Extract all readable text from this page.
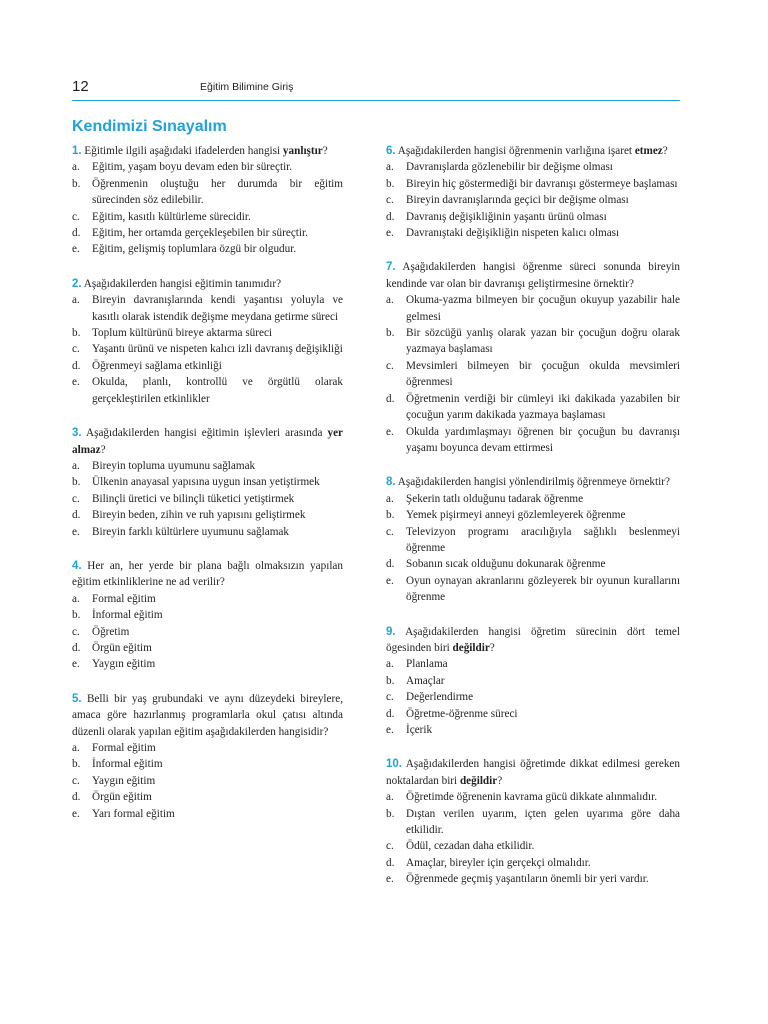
12	Eğitim Bilimine Giriş
Kendimizi Sınayalım
1. Eğitimle ilgili aşağıdaki ifadelerden hangisi yanlıştır?
a. Eğitim, yaşam boyu devam eden bir süreçtir.
b. Öğrenmenin oluştuğu her durumda bir eğitim sürecinden söz edilebilir.
c. Eğitim, kasıtlı kültürleme sürecidir.
d. Eğitim, her ortamda gerçekleşebilen bir süreçtir.
e. Eğitim, gelişmiş toplumlara özgü bir olgudur.
2. Aşağıdakilerden hangisi eğitimin tanımıdır?
a. Bireyin davranışlarında kendi yaşantısı yoluyla ve kasıtlı olarak istendik değişme meydana getirme süreci
b. Toplum kültürünü bireye aktarma süreci
c. Yaşantı ürünü ve nispeten kalıcı izli davranış değişikliği
d. Öğrenmeyi sağlama etkinliği
e. Okulda, planlı, kontrollü ve örgütlü olarak gerçekleştirilen etkinlikler
3. Aşağıdakilerden hangisi eğitimin işlevleri arasında yer almaz?
a. Bireyin topluma uyumunu sağlamak
b. Ülkenin anayasal yapısına uygun insan yetiştirmek
c. Bilinçli üretici ve bilinçli tüketici yetiştirmek
d. Bireyin beden, zihin ve ruh yapısını geliştirmek
e. Bireyin farklı kültürlere uyumunu sağlamak
4. Her an, her yerde bir plana bağlı olmaksızın yapılan eğitim etkinliklerine ne ad verilir?
a. Formal eğitim
b. İnformal eğitim
c. Öğretim
d. Örgün eğitim
e. Yaygın eğitim
5. Belli bir yaş grubundaki ve aynı düzeydeki bireylere, amaca göre hazırlanmış programlarla okul çatısı altında düzenli olarak yapılan eğitim aşağıdakilerden hangisidir?
a. Formal eğitim
b. İnformal eğitim
c. Yaygın eğitim
d. Örgün eğitim
e. Yarı formal eğitim
6. Aşağıdakilerden hangisi öğrenmenin varlığına işaret etmez?
a. Davranışlarda gözlenebilir bir değişme olması
b. Bireyin hiç göstermediği bir davranışı göstermeye başlaması
c. Bireyin davranışlarında geçici bir değişme olması
d. Davranış değişikliğinin yaşantı ürünü olması
e. Davranıştaki değişikliğin nispeten kalıcı olması
7. Aşağıdakilerden hangisi öğrenme süreci sonunda bireyin kendinde var olan bir davranışı geliştirmesine örnektir?
a. Okuma-yazma bilmeyen bir çocuğun okuyup yazabilir hale gelmesi
b. Bir sözcüğü yanlış olarak yazan bir çocuğun doğru olarak yazmaya başlaması
c. Mevsimleri bilmeyen bir çocuğun okulda mevsimleri öğrenmesi
d. Öğretmenin verdiği bir cümleyi iki dakikada yazabilen bir çocuğun yarım dakikada yazmaya başlaması
e. Okulda yardımlaşmayı öğrenen bir çocuğun bu davranışı yaşamı boyunca devam ettirmesi
8. Aşağıdakilerden hangisi yönlendirilmiş öğrenmeye örnektir?
a. Şekerin tatlı olduğunu tadarak öğrenme
b. Yemek pişirmeyi anneyi gözlemleyerek öğrenme
c. Televizyon programı aracılığıyla sağlıklı beslenmeyi öğrenme
d. Sobanın sıcak olduğunu dokunarak öğrenme
e. Oyun oynayan akranlarını gözleyerek bir oyunun kurallarını öğrenme
9. Aşağıdakilerden hangisi öğretim sürecinin dört temel ögesinden biri değildir?
a. Planlama
b. Amaçlar
c. Değerlendirme
d. Öğretme-öğrenme süreci
e. İçerik
10. Aşağıdakilerden hangisi öğretimde dikkat edilmesi gereken noktalardan biri değildir?
a. Öğretimde öğrenenin kavrama gücü dikkate alınmalıdır.
b. Dıştan verilen uyarım, içten gelen uyarıma göre daha etkilidir.
c. Ödül, cezadan daha etkilidir.
d. Amaçlar, bireyler için gerçekçi olmalıdır.
e. Öğrenmede geçmiş yaşantıların önemli bir yeri vardır.
